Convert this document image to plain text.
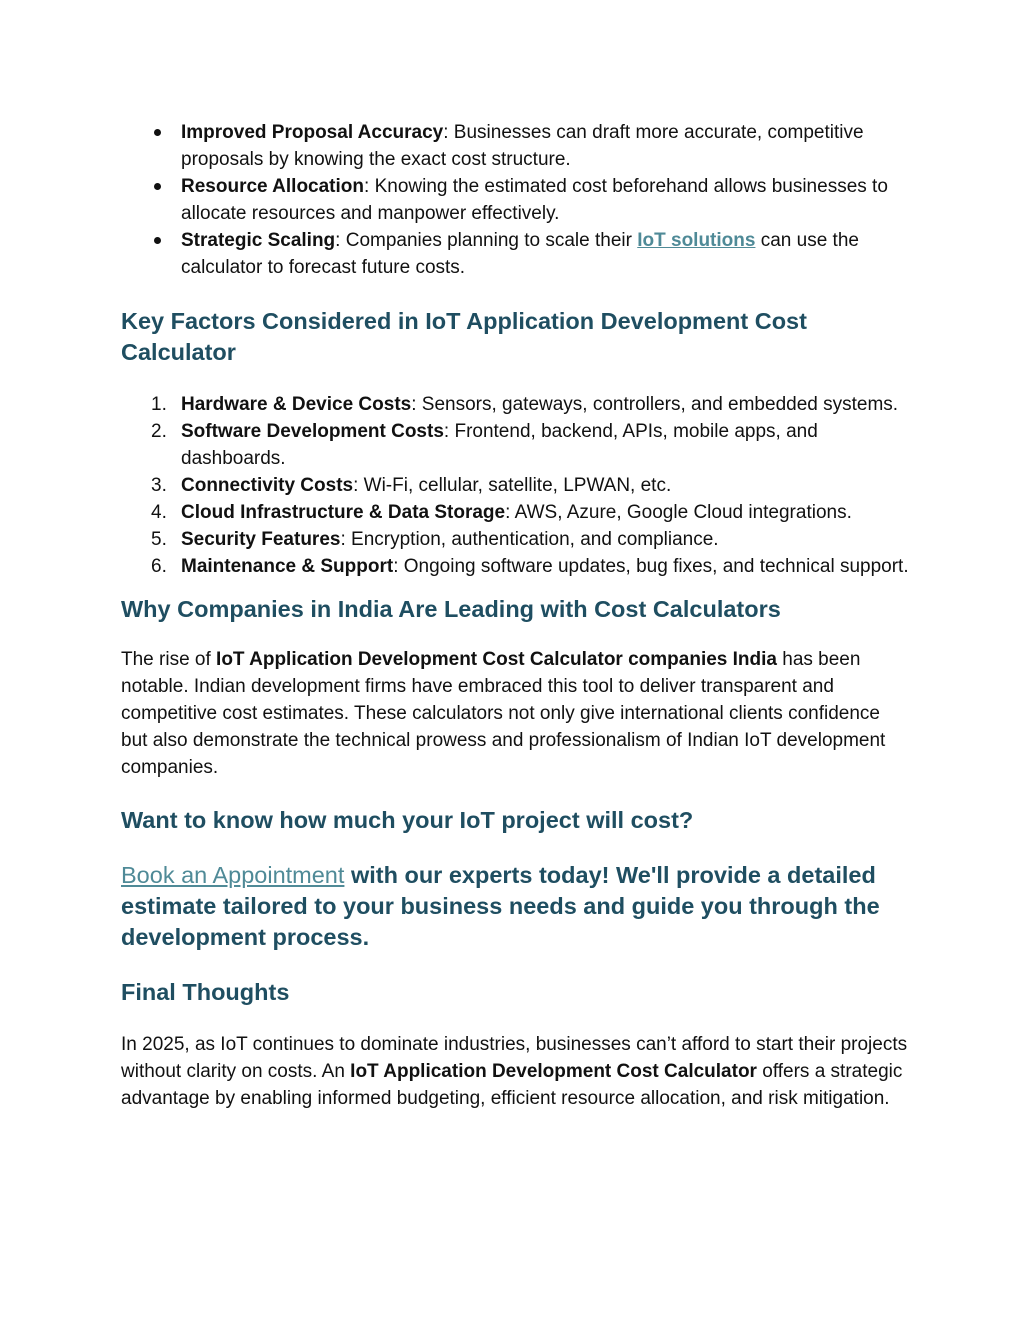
Improved Proposal Accuracy: Businesses can draft more accurate, competitive proposals by knowing the exact cost structure.
Resource Allocation: Knowing the estimated cost beforehand allows businesses to allocate resources and manpower effectively.
Strategic Scaling: Companies planning to scale their IoT solutions can use the calculator to forecast future costs.
Key Factors Considered in IoT Application Development Cost Calculator
1. Hardware & Device Costs: Sensors, gateways, controllers, and embedded systems.
2. Software Development Costs: Frontend, backend, APIs, mobile apps, and dashboards.
3. Connectivity Costs: Wi-Fi, cellular, satellite, LPWAN, etc.
4. Cloud Infrastructure & Data Storage: AWS, Azure, Google Cloud integrations.
5. Security Features: Encryption, authentication, and compliance.
6. Maintenance & Support: Ongoing software updates, bug fixes, and technical support.
Why Companies in India Are Leading with Cost Calculators

The rise of IoT Application Development Cost Calculator companies India has been notable. Indian development firms have embraced this tool to deliver transparent and competitive cost estimates. These calculators not only give international clients confidence but also demonstrate the technical prowess and professionalism of Indian IoT development companies.

Want to know how much your IoT project will cost?

Book an Appointment with our experts today! We'll provide a detailed estimate tailored to your business needs and guide you through the development process.

Final Thoughts

In 2025, as IoT continues to dominate industries, businesses can’t afford to start their projects without clarity on costs. An IoT Application Development Cost Calculator offers a strategic advantage by enabling informed budgeting, efficient resource allocation, and risk mitigation.
